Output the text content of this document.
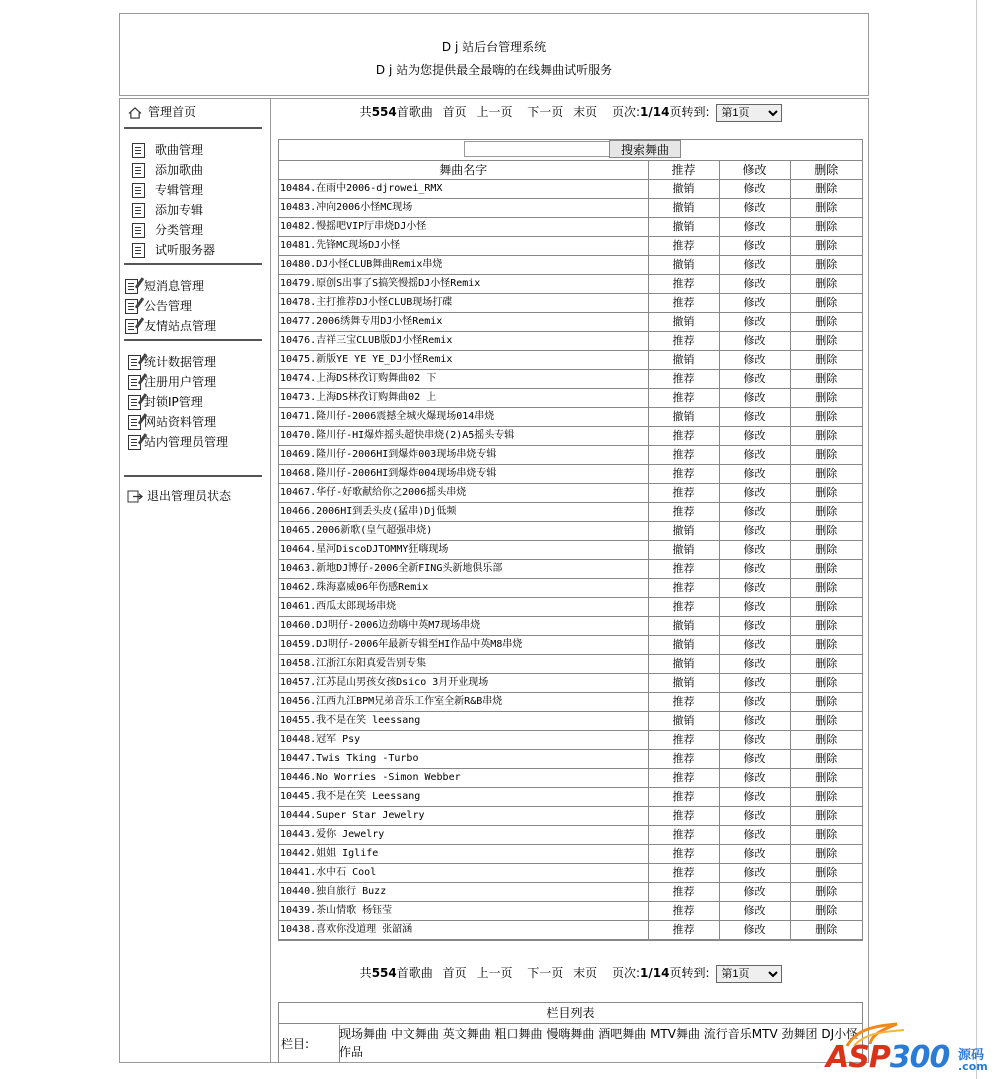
D j 站后台管理系统
D j 站为您提供最全最嗨的在线舞曲试听服务
管理首页
歌曲管理
添加歌曲
专辑管理
添加专辑
分类管理
试听服务器
短消息管理
公告管理
友情站点管理
统计数据管理
注册用户管理
封锁IP管理
网站资料管理
站内管理员管理
退出管理员状态
共554首歌曲 首页 上一页 下一页 末页 页次:1/14页转到:
第1页
搜索舞曲
舞曲名字	推荐	修改	删除
10484.在雨中2006-djrowei_RMX	撤销	修改	删除
10483.冲向2006小怪MC现场	撤销	修改	删除
10482.慢摇吧VIP厅串烧DJ小怪	撤销	修改	删除
10481.先锋MC现场DJ小怪	推荐	修改	删除
10480.DJ小怪CLUB舞曲Remix串烧	撤销	修改	删除
10479.原创S出事了S搞笑慢摇DJ小怪Remix	推荐	修改	删除
10478.主打推荐DJ小怪CLUB现场打碟	推荐	修改	删除
10477.2006绣舞专用DJ小怪Remix	撤销	修改	删除
10476.吉祥三宝CLUB版DJ小怪Remix	推荐	修改	删除
10475.新版YE YE YE_DJ小怪Remix	撤销	修改	删除
10474.上海DS林孜订购舞曲02 下	推荐	修改	删除
10473.上海DS林孜订购舞曲02 上	推荐	修改	删除
10471.隆川仔-2006震撼全城火爆现场014串烧	撤销	修改	删除
10470.隆川仔-HI爆炸摇头超快串烧(2)A5摇头专辑	推荐	修改	删除
10469.隆川仔-2006HI到爆炸003现场串烧专辑	推荐	修改	删除
10468.隆川仔-2006HI到爆炸004现场串烧专辑	推荐	修改	删除
10467.华仔-好歌献给你之2006摇头串烧	推荐	修改	删除
10466.2006HI到丢头皮(猛串)Dj低频	推荐	修改	删除
10465.2006新歌(皇气超强串烧)	撤销	修改	删除
10464.星河DiscoDJTOMMY狂嗨现场	撤销	修改	删除
10463.新地DJ博仔-2006全新FING头新地俱乐部	推荐	修改	删除
10462.珠海嘉威06年伤感Remix	推荐	修改	删除
10461.西瓜太郎现场串烧	推荐	修改	删除
10460.DJ明仔-2006边劲嗨中英M7现场串烧	撤销	修改	删除
10459.DJ明仔-2006年最新专辑至HI作品中英M8串烧	撤销	修改	删除
10458.江浙江东阳真爱告别专集	撤销	修改	删除
10457.江苏昆山男孩女孩Dsico 3月开业现场	撤销	修改	删除
10456.江西九江BPM兄弟音乐工作室全新R&B串烧	推荐	修改	删除
10455.我不是在笑 leessang	撤销	修改	删除
10448.冠军 Psy	推荐	修改	删除
10447.Twis Tking -Turbo	推荐	修改	删除
10446.No Worries -Simon Webber	推荐	修改	删除
10445.我不是在笑 Leessang	推荐	修改	删除
10444.Super Star Jewelry	推荐	修改	删除
10443.爱你 Jewelry	推荐	修改	删除
10442.姐姐 Iglife	推荐	修改	删除
10441.水中石 Cool	推荐	修改	删除
10440.独自旅行 Buzz	推荐	修改	删除
10439.茶山情歌 杨钰莹	推荐	修改	删除
10438.喜欢你没道理 张韶涵	推荐	修改	删除
共554首歌曲 首页 上一页 下一页 末页 页次:1/14页转到:
第1页
栏目列表
栏目:
现场舞曲 中文舞曲 英文舞曲 粗口舞曲 慢嗨舞曲 酒吧舞曲 MTV舞曲 流行音乐MTV 劲舞团 DJ小怪作品	ASP300 源码
.com
